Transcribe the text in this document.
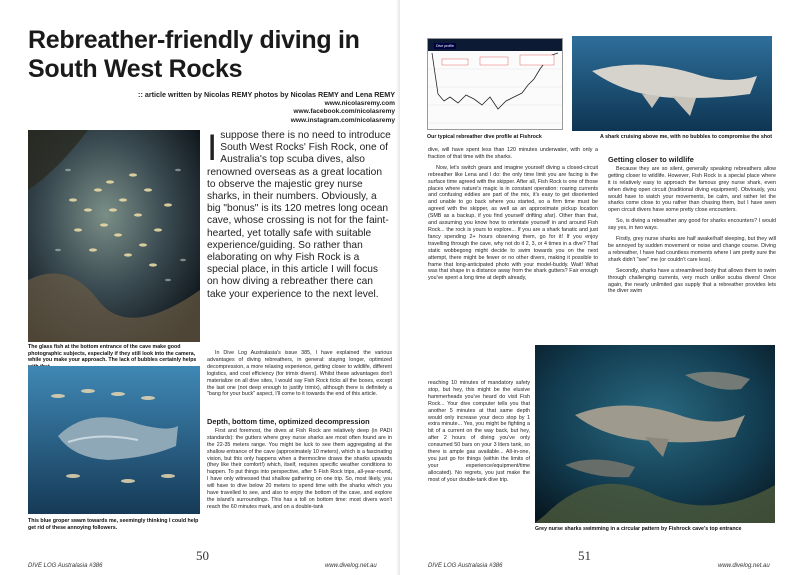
Rebreather-friendly diving in South West Rocks
:: article written by Nicolas REMY photos by Nicolas REMY and Lena REMY
www.nicolasremy.com
www.facebook.com/nicolasremy
www.instagram.com/nicolasremy
The glass fish at the bottom entrance of the cave make good photographic subjects, especially if they still look into the camera, while you make your approach. The lack of bubbles certainly helps
This blue groper swam towards me, seemingly thinking I could help get rid of these annoying followers.
Isuppose there is no need to introduce South West Rocks' Fish Rock, one of Australia's top scuba dives, also renowned overseas as a great location to observe the majestic grey nurse sharks, in their numbers. Obviously, a big "bonus" is its 120 metres long ocean cave, whose crossing is not for the faint-hearted, yet totally safe with suitable experience/guiding. So rather than elaborating on why Fish Rock is a special place, in this article I will focus on how diving a rebreather there can take your experience to the next level.

In Dive Log Australasia's issue 385, I have explained the various advantages of diving rebreathers, in general: staying longer, optimized decompression, a more relaxing experience, getting closer to wildlife, different logistics, and cost efficiency (for trimix divers). Whilst these advantages don't materialize on all dive sites, I would say Fish Rock ticks all the boxes, except the last one (not deep enough to justify trimix), although there is definitely a "bang for your buck" aspect, I'll come to it towards the end of this article.

Depth, bottom time, optimized decompression

First and foremost, the dives at Fish Rock are relatively deep (in PADI standards): the gutters where grey nurse sharks are most often found are in the 22-35 meters range. You might be luck to see them aggregating at the shallow entrance of the cave (approximately 10 meters), which is a fascinating vision, but this only happens when a thermocline draws the sharks upwards (they like their comfort!) which, itself, requires specific weather conditions to happen. To put things into perspective, after 5 Fish Rock trips, all-year-round, I have only witnessed that shallow gathering on one trip. So, most likely, you will have to dive below 20 meters to spend time with the sharks which you have travelled to see, and also to enjoy the bottom of the cave, and explore the island's surroundings. This has a toll on bottom time: most divers won't reach the 60 minutes mark, and on a double-tank

DIVE LOG Australasia #386
50
www.divelog.net.au
Our typical rebreather dive profile at Fishrock	A shark cruising above me, with no bubbles to compromise the shot

dive, will have spent less than 120 minutes underwater, with only a fraction of that time with the sharks.

Now, let's switch gears and imagine yourself diving a closed-circuit rebreather like Lena and I do: the only time limit you are facing is the surface time agreed with the skipper. After all, Fish Rock is one of those places where nature's magic is in constant operation: roaring currents and confusing eddies are part of the mix, it's easy to get disoriented and unable to go back where you started, so a firm time must be agreed with the skipper, as well as an approximate pickup location (SMB as a backup, if you find yourself drifting afar). Other than that, and assuming you know how to orientate yourself in and around Fish Rock... the rock is yours to explore... If you are a shark fanatic and just fancy spending 2+ hours observing them, go for it! If you enjoy travelling through the cave, why not do it 2, 3, or 4 times in a dive? That static wobbegong might decide to swim towards you on the next attempt, there might be fewer or no other divers, making it possible to frame that long-anticipated photo with your model-buddy. Wait! What was that shape in a distance away from the shark gutters? Fair enough you've spent a long time at depth already,

reaching 10 minutes of mandatory safety stop, but hey, this might be the elusive hammerheads you've heard do visit Fish Rock... Your dive computer tells you that another 5 minutes at that same depth would only increase your deco stop by 1 extra minute... Yes, you might be fighting a bit of a current on the way back, but hey, after 2 hours of diving you've only consumed 50 bars on your 3 liters tank, so there is ample gas available... All-in-one, you just go for things (within the limits of your experience/equipment/time allocated). No regrets, you just make the most of your double-tank dive trip.

Getting closer to wildlife

Because they are so silent, generally speaking rebreathers allow getting closer to wildlife. However, Fish Rock is a special place where it is relatively easy to approach the famous grey nurse shark, even when diving open circuit (traditional diving equipment). Obviously, you would have to watch your movements, be calm, and rather let the sharks come close to you rather than chasing them, but I have seen open circuit divers have some pretty close encounters.

So, is diving a rebreather any good for sharks encounters? I would say yes, in two ways.

Firstly, grey nurse sharks are half awake/half sleeping, but they will be annoyed by sudden movement or noise and change course. Diving a rebreather, I have had countless moments where I am pretty sure the shark didn't "see" me (or couldn't care less).

Secondly, sharks have a streamlined body that allows them to swim through challenging currents, very much unlike scuba divers! Once again, the nearly unlimited gas supply that a rebreather provides lets the diver swim

Grey nurse sharks swimming in a circular pattern by Fishrock cave's top entrance
DIVE LOG Australasia #386
51
www.divelog.net.au
Dive profile
